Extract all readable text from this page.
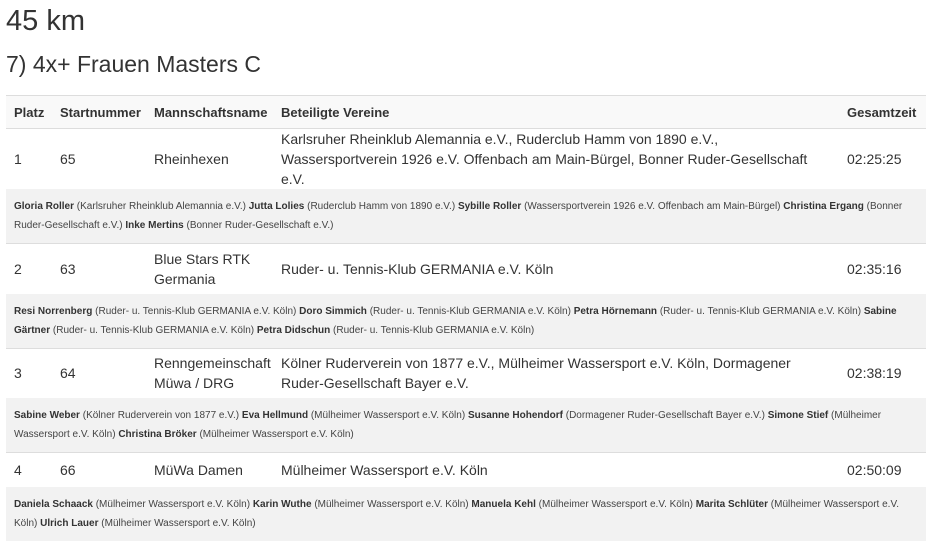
45 km
7) 4x+ Frauen Masters C
Platz	Startnummer	Mannschaftsname	Beteiligte Vereine	Gesamtzeit
1	65	Rheinhexen	Karlsruher Rheinklub Alemannia e.V., Ruderclub Hamm von 1890 e.V., Wassersportverein 1926 e.V. Offenbach am Main-Bürgel, Bonner Ruder-Gesellschaft e.V.	02:25:25
Gloria Roller (Karlsruher Rheinklub Alemannia e.V.) Jutta Lolies (Ruderclub Hamm von 1890 e.V.) Sybille Roller (Wassersportverein 1926 e.V. Offenbach am Main-Bürgel) Christina Ergang (Bonner Ruder-Gesellschaft e.V.) Inke Mertins (Bonner Ruder-Gesellschaft e.V.)				
2	63	Blue Stars RTK Germania	Ruder- u. Tennis-Klub GERMANIA e.V. Köln	02:35:16
Resi Norrenberg (Ruder- u. Tennis-Klub GERMANIA e.V. Köln) Doro Simmich (Ruder- u. Tennis-Klub GERMANIA e.V. Köln) Petra Hörnemann (Ruder- u. Tennis-Klub GERMANIA e.V. Köln) Sabine Gärtner (Ruder- u. Tennis-Klub GERMANIA e.V. Köln) Petra Didschun (Ruder- u. Tennis-Klub GERMANIA e.V. Köln)				
3	64	Renngemeinschaft Müwa / DRG	Kölner Ruderverein von 1877 e.V., Mülheimer Wassersport e.V. Köln, Dormagener Ruder-Gesellschaft Bayer e.V.	02:38:19
Sabine Weber (Kölner Ruderverein von 1877 e.V.) Eva Hellmund (Mülheimer Wassersport e.V. Köln) Susanne Hohendorf (Dormagener Ruder-Gesellschaft Bayer e.V.) Simone Stief (Mülheimer Wassersport e.V. Köln) Christina Bröker (Mülheimer Wassersport e.V. Köln)				
4	66	MüWa Damen	Mülheimer Wassersport e.V. Köln	02:50:09
Daniela Schaack (Mülheimer Wassersport e.V. Köln) Karin Wuthe (Mülheimer Wassersport e.V. Köln) Manuela Kehl (Mülheimer Wassersport e.V. Köln) Marita Schlüter (Mülheimer Wassersport e.V. Köln) Ulrich Lauer (Mülheimer Wassersport e.V. Köln)				
